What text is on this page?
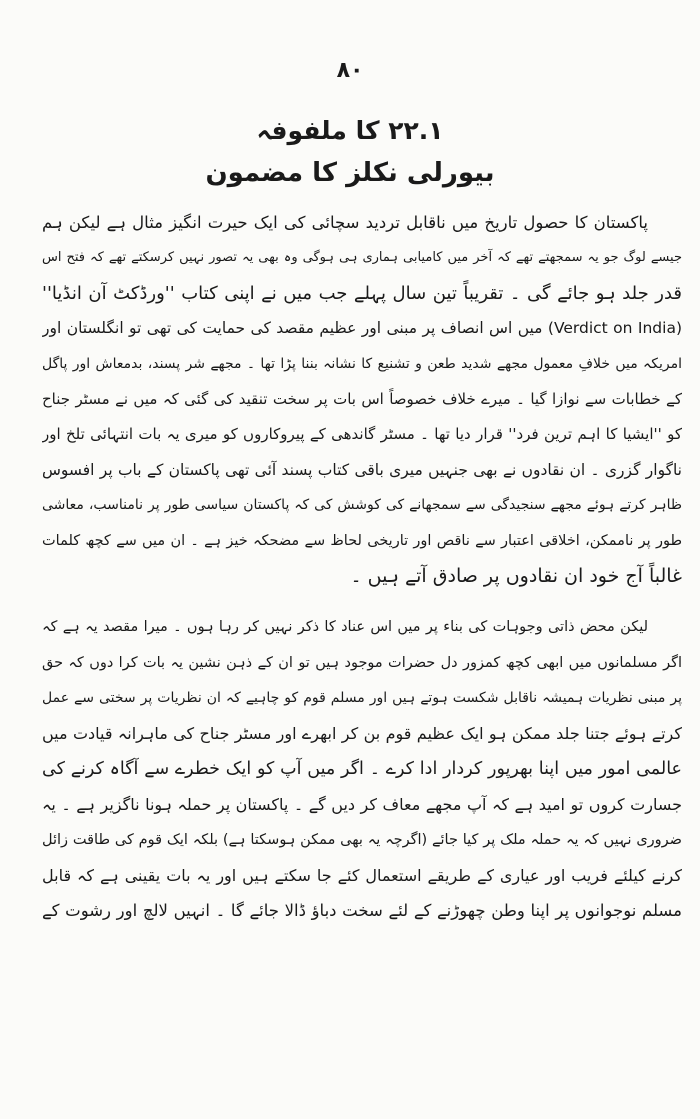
۸۰
۲۲.۱ کا ملفوفہ
بیورلی نکلز کا مضمون
پاکستان کا حصول تاریخ میں ناقابل تردید سچائی کی ایک حیرت انگیز مثال ہے لیکن ہم
جیسے لوگ جو یہ سمجھتے تھے کہ آخر میں کامیابی ہماری ہی ہوگی وہ بھی یہ تصور نہیں کرسکتے تھے کہ فتح اس
قدر جلد ہو جائے گی ۔ تقریباً تین سال پہلے جب میں نے اپنی کتاب ''ورڈکٹ آن انڈیا''
(Verdict on India) میں اس انصاف پر مبنی اور عظیم مقصد کی حمایت کی تھی تو انگلستان اور
امریکہ میں خلافِ معمول مجھے شدید طعن و تشنیع کا نشانہ بننا پڑا تھا ۔ مجھے شر پسند، بدمعاش اور پاگل
کے خطابات سے نوازا گیا ۔ میرے خلاف خصوصاً اس بات پر سخت تنقید کی گئی کہ میں نے مسٹر جناح
کو ''ایشیا کا اہم ترین فرد'' قرار دیا تھا ۔ مسٹر گاندھی کے پیروکاروں کو میری یہ بات انتہائی تلخ اور
ناگوار گزری ۔ ان نقادوں نے بھی جنہیں میری باقی کتاب پسند آئی تھی پاکستان کے باب پر افسوس
ظاہر کرتے ہوئے مجھے سنجیدگی سے سمجھانے کی کوشش کی کہ پاکستان سیاسی طور پر نامناسب، معاشی
طور پر ناممکن، اخلاقی اعتبار سے ناقص اور تاریخی لحاظ سے مضحکہ خیز ہے ۔ ان میں سے کچھ کلمات
غالباً آج خود ان نقادوں پر صادق آتے ہیں ۔
لیکن محض ذاتی وجوہات کی بناء پر میں اس عناد کا ذکر نہیں کر رہا ہوں ۔ میرا مقصد یہ ہے کہ
اگر مسلمانوں میں ابھی کچھ کمزور دل حضرات موجود ہیں تو ان کے ذہن نشین یہ بات کرا دوں کہ حق
پر مبنی نظریات ہمیشہ ناقابل شکست ہوتے ہیں اور مسلم قوم کو چاہیے کہ ان نظریات پر سختی سے عمل
کرتے ہوئے جتنا جلد ممکن ہو ایک عظیم قوم بن کر ابھرے اور مسٹر جناح کی ماہرانہ قیادت میں
عالمی امور میں اپنا بھرپور کردار ادا کرے ۔ اگر میں آپ کو ایک خطرے سے آگاہ کرنے کی
جسارت کروں تو امید ہے کہ آپ مجھے معاف کر دیں گے ۔ پاکستان پر حملہ ہونا ناگزیر ہے ۔ یہ
ضروری نہیں کہ یہ حملہ ملک پر کیا جائے (اگرچہ یہ بھی ممکن ہوسکتا ہے) بلکہ ایک قوم کی طاقت زائل
کرنے کیلئے فریب اور عیاری کے طریقے استعمال کئے جا سکتے ہیں اور یہ بات یقینی ہے کہ قابل
مسلم نوجوانوں پر اپنا وطن چھوڑنے کے لئے سخت دباؤ ڈالا جائے گا ۔ انہیں لالچ اور رشوت کے
